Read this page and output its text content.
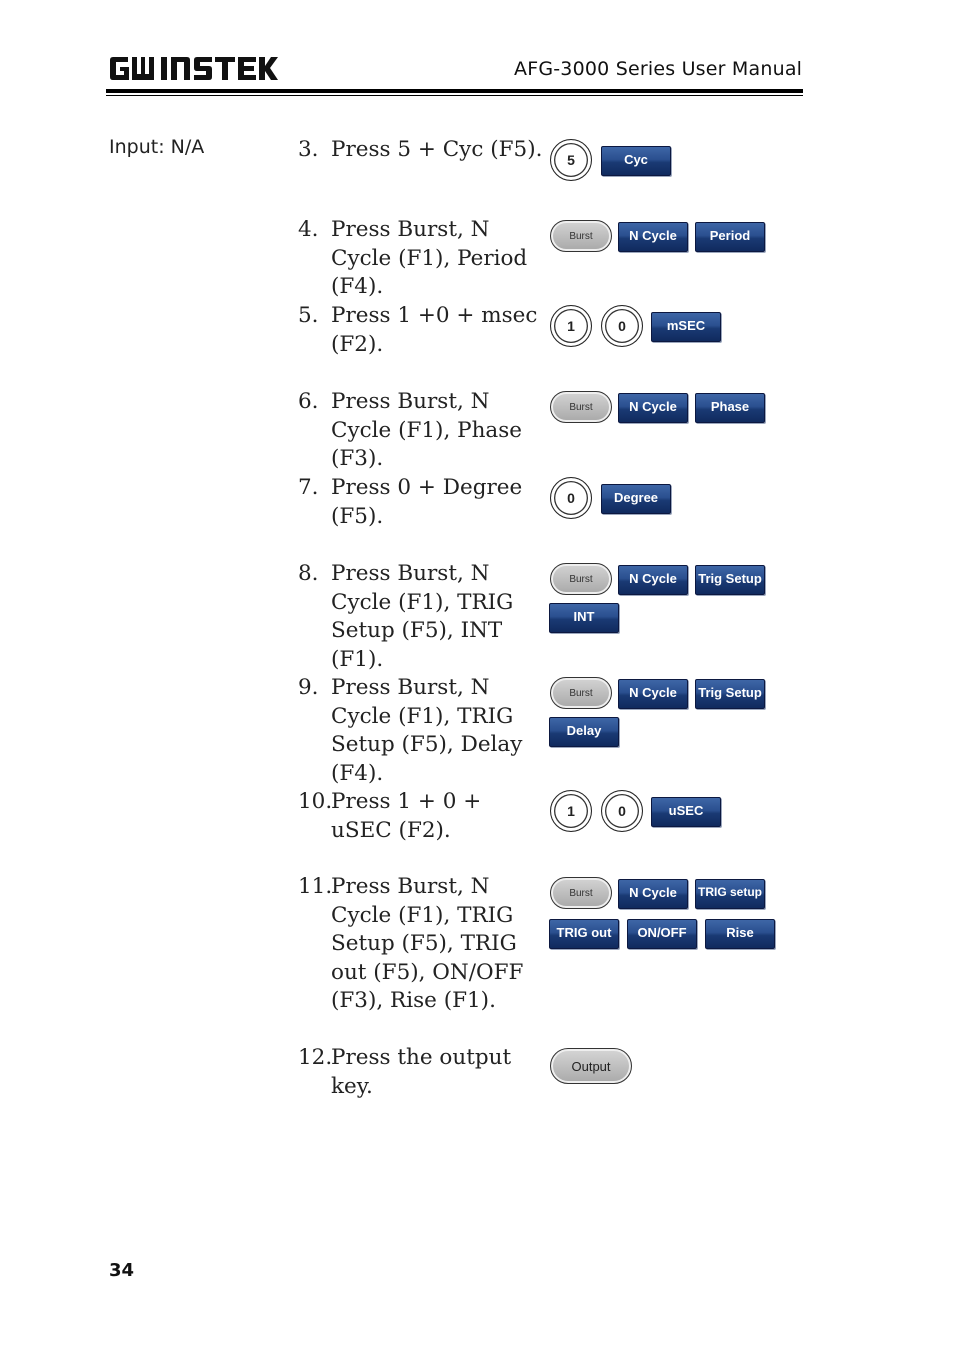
AFG-3000 Series User Manual
Input: N/A	3. Press 5 + Cyc (F5).	5	Cyc
4. Press Burst, N Cycle (F1), Period (F4).
Burst	N Cycle	Period
5. Press 1 +0 + msec (F2).
1	0	mSEC
6. Press Burst, N Cycle (F1), Phase (F3).
Burst	N Cycle	Phase
7. Press 0 + Degree (F5).
0	Degree
8. Press Burst, N Cycle (F1), TRIG Setup (F5), INT (F1).
Burst	N Cycle	Trig Setup
INT
9. Press Burst, N Cycle (F1), TRIG Setup (F5), Delay (F4).
Burst	N Cycle	Trig Setup
Delay
10.
Press 1 + 0 + uSEC (F2).
1	0	uSEC
11.
Press Burst, N Cycle (F1), TRIG Setup (F5), TRIG out (F5), ON/OFF (F3), Rise (F1).
Burst	N Cycle	TRIG setup
TRIG out	ON/OFF	Rise
12.
Press the output key.
Output
34
